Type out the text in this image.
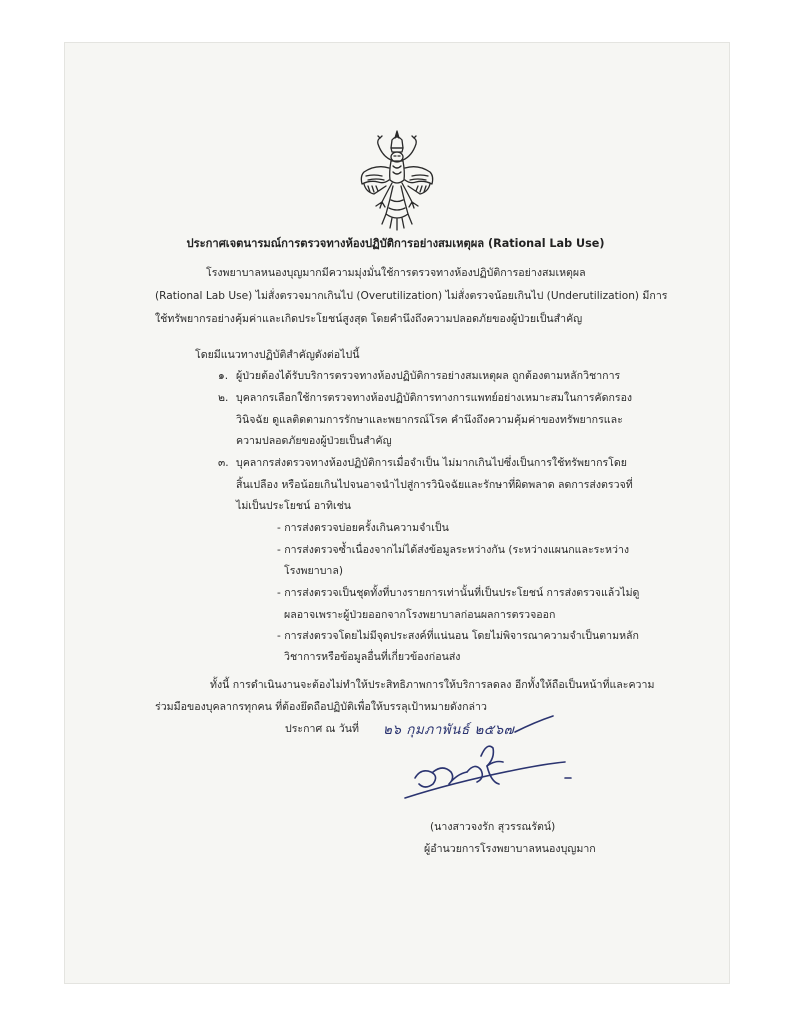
ประกาศเจตนารมณ์การตรวจทางห้องปฏิบัติการอย่างสมเหตุผล (Rational Lab Use)
โรงพยาบาลหนองบุญมากมีความมุ่งมั่นใช้การตรวจทางห้องปฏิบัติการอย่างสมเหตุผล
(Rational Lab Use) ไม่สั่งตรวจมากเกินไป (Overutilization) ไม่สั่งตรวจน้อยเกินไป (Underutilization) มีการ
ใช้ทรัพยากรอย่างคุ้มค่าและเกิดประโยชน์สูงสุด โดยคำนึงถึงความปลอดภัยของผู้ป่วยเป็นสำคัญ
โดยมีแนวทางปฏิบัติสำคัญดังต่อไปนี้
๑. ผู้ป่วยต้องได้รับบริการตรวจทางห้องปฏิบัติการอย่างสมเหตุผล ถูกต้องตามหลักวิชาการ
๒. บุคลากรเลือกใช้การตรวจทางห้องปฏิบัติการทางการแพทย์อย่างเหมาะสมในการคัดกรอง
วินิจฉัย ดูแลติดตามการรักษาและพยากรณ์โรค คำนึงถึงความคุ้มค่าของทรัพยากรและ
ความปลอดภัยของผู้ป่วยเป็นสำคัญ
๓. บุคลากรส่งตรวจทางห้องปฏิบัติการเมื่อจำเป็น ไม่มากเกินไปซึ่งเป็นการใช้ทรัพยากรโดย
สิ้นเปลือง หรือน้อยเกินไปจนอาจนำไปสู่การวินิจฉัยและรักษาที่ผิดพลาด ลดการส่งตรวจที่
ไม่เป็นประโยชน์ อาทิเช่น
- การส่งตรวจบ่อยครั้งเกินความจำเป็น
- การส่งตรวจซ้ำเนื่องจากไม่ได้ส่งข้อมูลระหว่างกัน (ระหว่างแผนกและระหว่าง
โรงพยาบาล)
- การส่งตรวจเป็นชุดทั้งที่บางรายการเท่านั้นที่เป็นประโยชน์ การส่งตรวจแล้วไม่ดู
ผลอาจเพราะผู้ป่วยออกจากโรงพยาบาลก่อนผลการตรวจออก
- การส่งตรวจโดยไม่มีจุดประสงค์ที่แน่นอน โดยไม่พิจารณาความจำเป็นตามหลัก
วิชาการหรือข้อมูลอื่นที่เกี่ยวข้องก่อนส่ง
ทั้งนี้ การดำเนินงานจะต้องไม่ทำให้ประสิทธิภาพการให้บริการลดลง อีกทั้งให้ถือเป็นหน้าที่และความ
ร่วมมือของบุคลากรทุกคน ที่ต้องยึดถือปฏิบัติเพื่อให้บรรลุเป้าหมายดังกล่าว
ประกาศ ณ วันที่ ๒๖ กุมภาพันธ์ ๒๕๖๗
(นางสาวจงรัก สุวรรณรัตน์)
ผู้อำนวยการโรงพยาบาลหนองบุญมาก
